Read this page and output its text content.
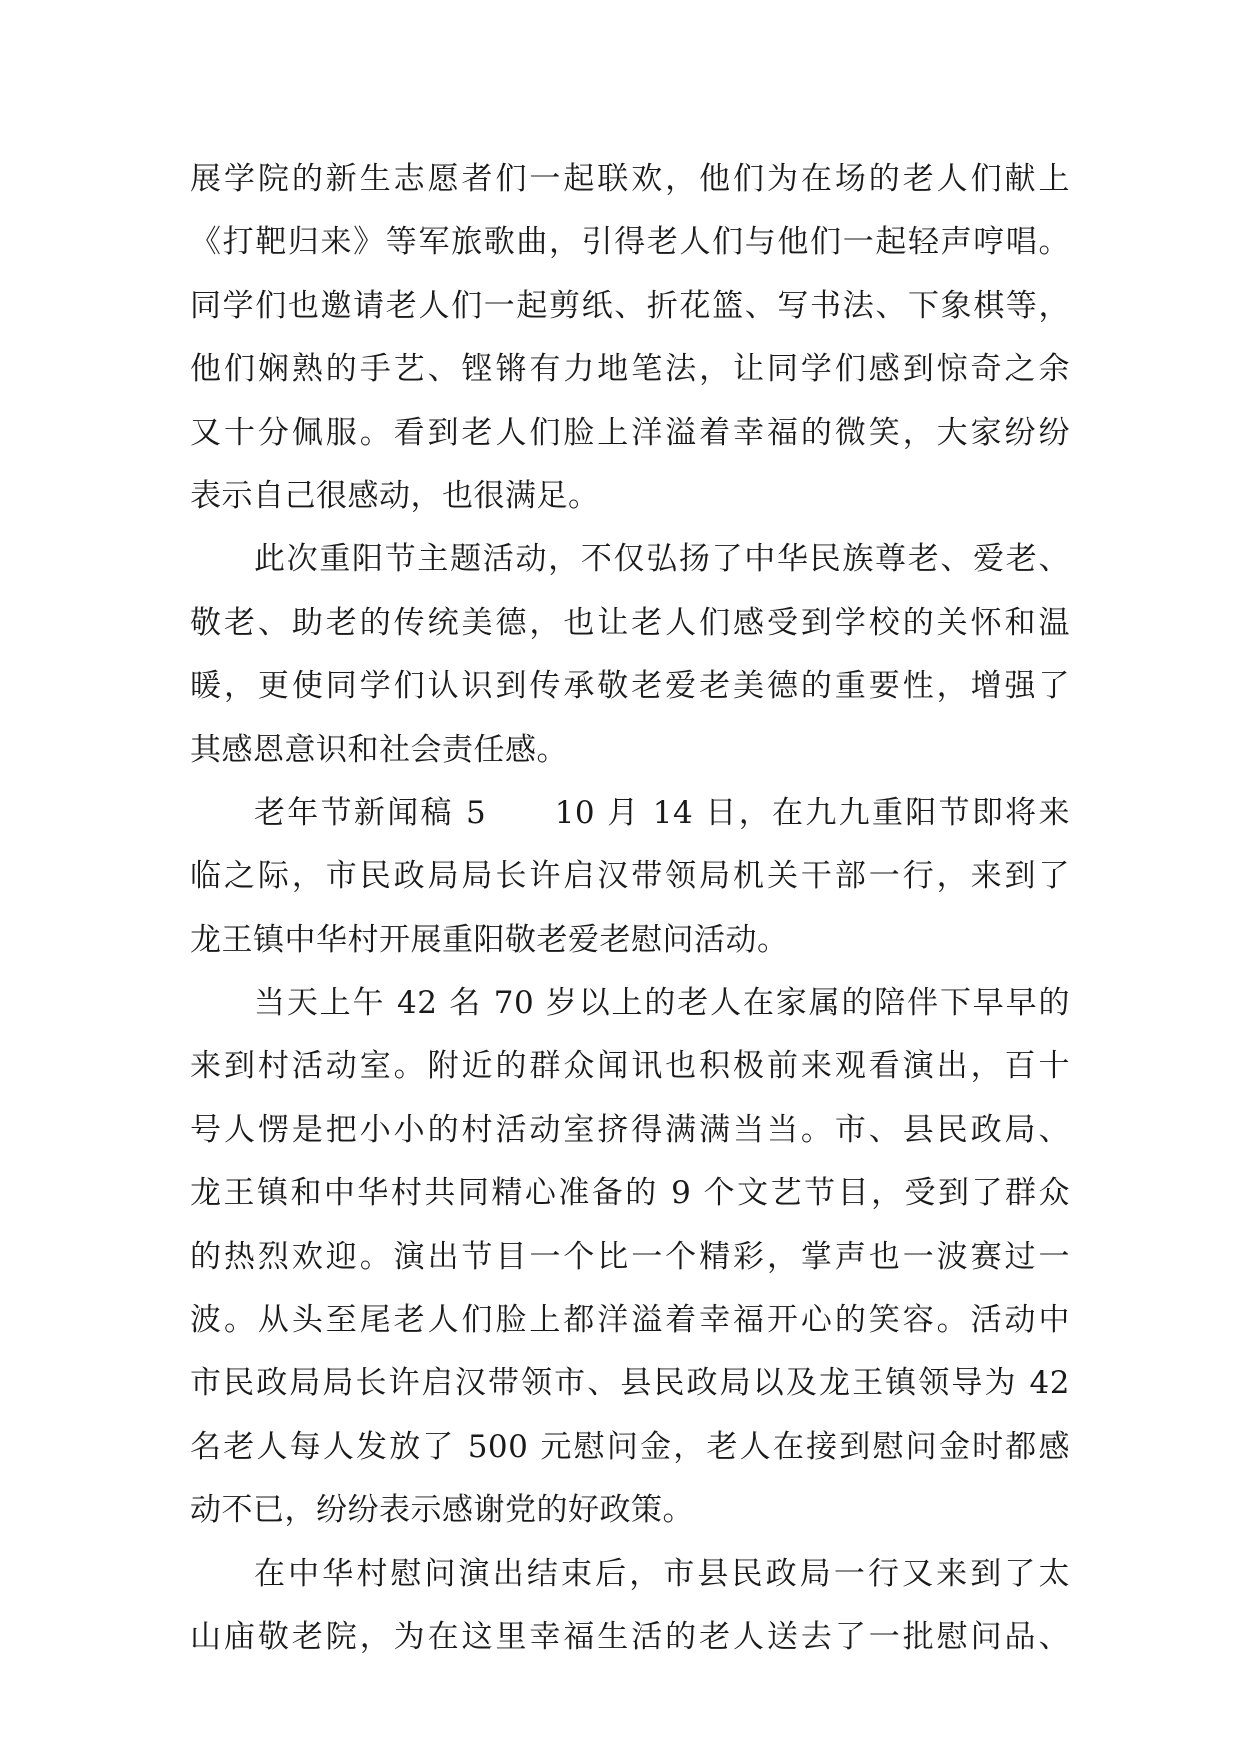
展学院的新生志愿者们一起联欢，他们为在场的老人们献上
《打靶归来》等军旅歌曲，引得老人们与他们一起轻声哼唱。
同学们也邀请老人们一起剪纸、折花篮、写书法、下象棋等，
他们娴熟的手艺、铿锵有力地笔法，让同学们感到惊奇之余
又十分佩服。看到老人们脸上洋溢着幸福的微笑，大家纷纷
表示自己很感动，也很满足。
此次重阳节主题活动，不仅弘扬了中华民族尊老、爱老、
敬老、助老的传统美德，也让老人们感受到学校的关怀和温
暖，更使同学们认识到传承敬老爱老美德的重要性，增强了
其感恩意识和社会责任感。
老年节新闻稿 5　　10 月 14 日，在九九重阳节即将来
临之际，市民政局局长许启汉带领局机关干部一行，来到了
龙王镇中华村开展重阳敬老爱老慰问活动。
当天上午 42 名 70 岁以上的老人在家属的陪伴下早早的
来到村活动室。附近的群众闻讯也积极前来观看演出，百十
号人愣是把小小的村活动室挤得满满当当。市、县民政局、
龙王镇和中华村共同精心准备的 9 个文艺节目，受到了群众
的热烈欢迎。演出节目一个比一个精彩，掌声也一波赛过一
波。从头至尾老人们脸上都洋溢着幸福开心的笑容。活动中
市民政局局长许启汉带领市、县民政局以及龙王镇领导为 42
名老人每人发放了 500 元慰问金，老人在接到慰问金时都感
动不已，纷纷表示感谢党的好政策。
在中华村慰问演出结束后，市县民政局一行又来到了太
山庙敬老院，为在这里幸福生活的老人送去了一批慰问品、
